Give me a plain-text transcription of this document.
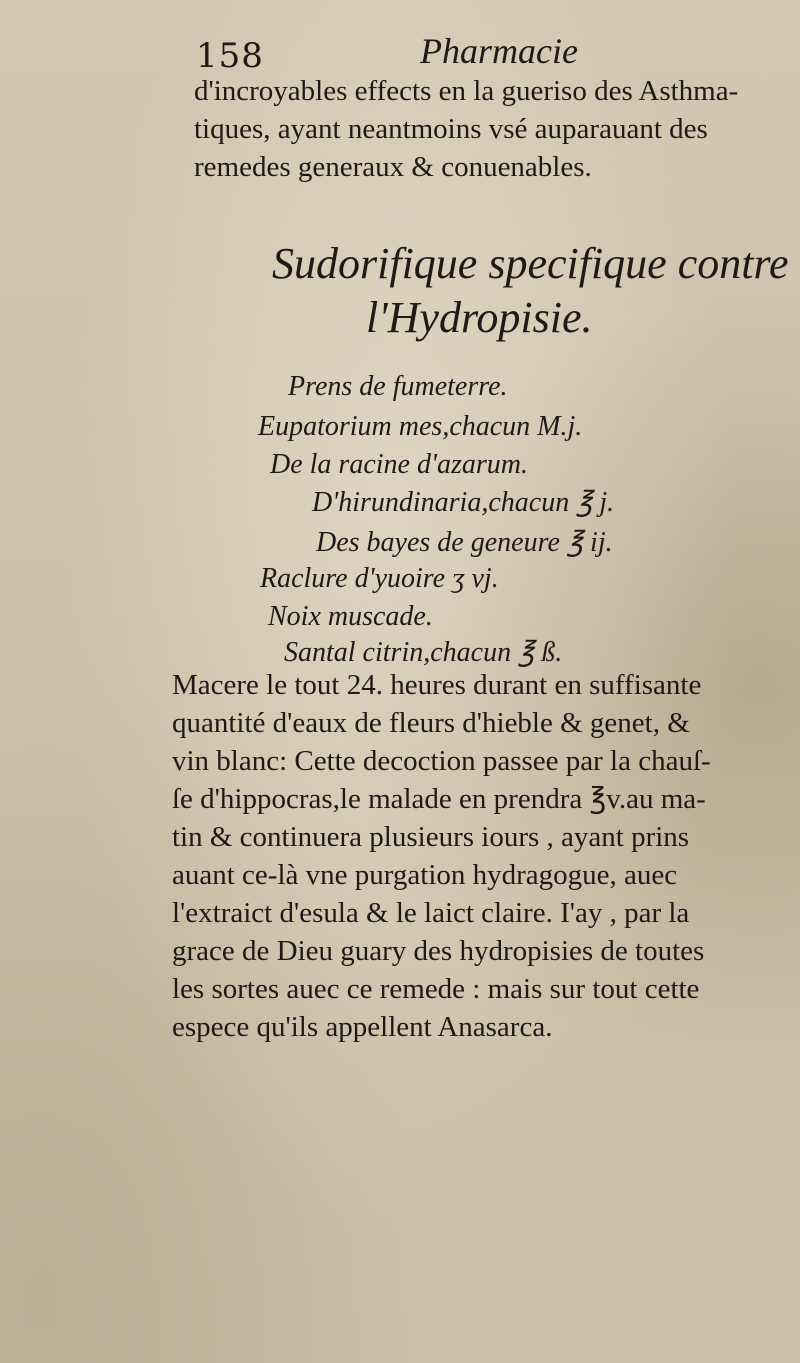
158	Pharmacie
d'incroyables effects en la gueriso des Asthma-
tiques, ayant neantmoins vsé auparauant des
remedes generaux & conuenables.
Sudorifique specifique contre
l'Hydropisie.
Prens de fumeterre.
Eupatorium mes,chacun M.j.
De la racine d'azarum.
D'hirundinaria,chacun ℥ j.
Des bayes de geneure ℥ ij.
Raclure d'yuoire ʒ vj.
Noix muscade.
Santal citrin,chacun ℥ ß.
Macere le tout 24. heures durant en suffisante
quantité d'eaux de fleurs d'hieble & genet, &
vin blanc: Cette decoction passee par la chauſ-
ſe d'hippocras,le malade en prendra ℥v.au ma-
tin & continuera plusieurs iours , ayant prins
auant ce-là vne purgation hydragogue, auec
l'extraict d'esula & le laict claire. I'ay , par la
grace de Dieu guary des hydropisies de toutes
les sortes auec ce remede : mais sur tout cette
espece qu'ils appellent Anasarca.
